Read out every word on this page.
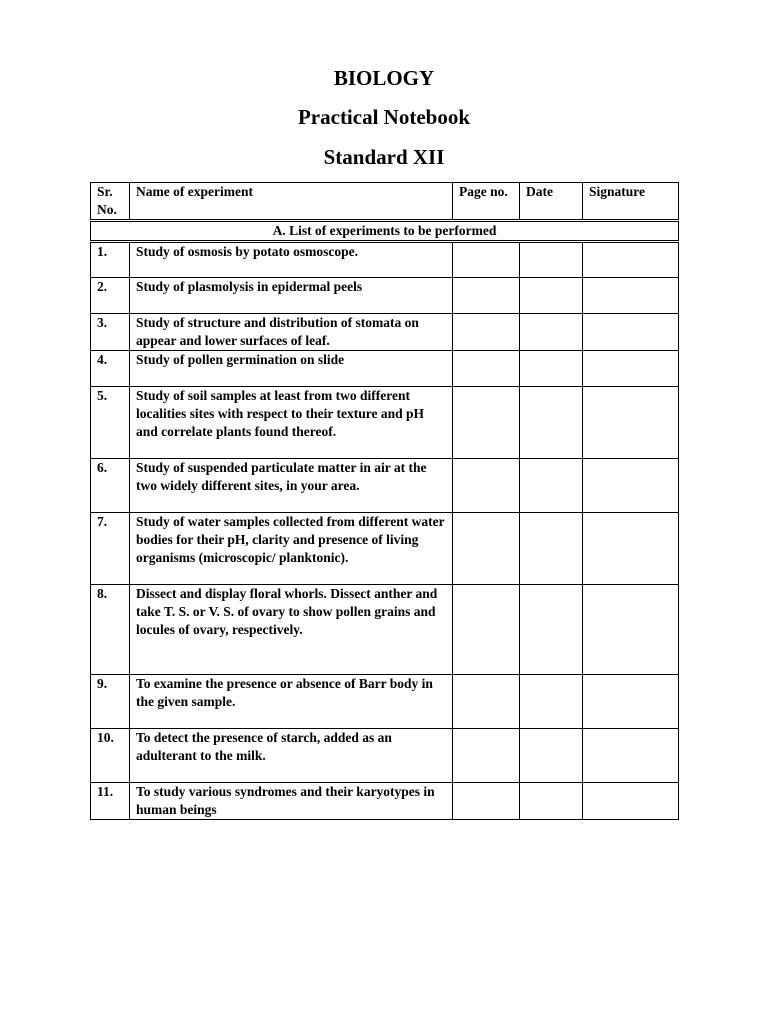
BIOLOGY
Practical Notebook
Standard XII
Sr. No.	Name of experiment	Page no.	Date	Signature
A. List of experiments to be performed				
1.	Study of osmosis by potato osmoscope.			
2.	Study of plasmolysis in epidermal peels			
3.	Study of structure and distribution of stomata on appear and lower surfaces of leaf.			
4.	Study of pollen germination on slide			
5.	Study of soil samples at least from two different localities sites with respect to their texture and pH and correlate plants found thereof.			
6.	Study of suspended particulate matter in air at the two widely different sites, in your area.			
7.	Study of water samples collected from different water bodies for their pH, clarity and presence of living organisms (microscopic/ planktonic).			
8.	Dissect and display floral whorls. Dissect anther and take T. S. or V. S. of ovary to show pollen grains and locules of ovary, respectively.			
9.	To examine the presence or absence of Barr body in the given sample.			
10.	To detect the presence of starch, added as an adulterant to the milk.			
11.	To study various syndromes and their karyotypes in human beings			
